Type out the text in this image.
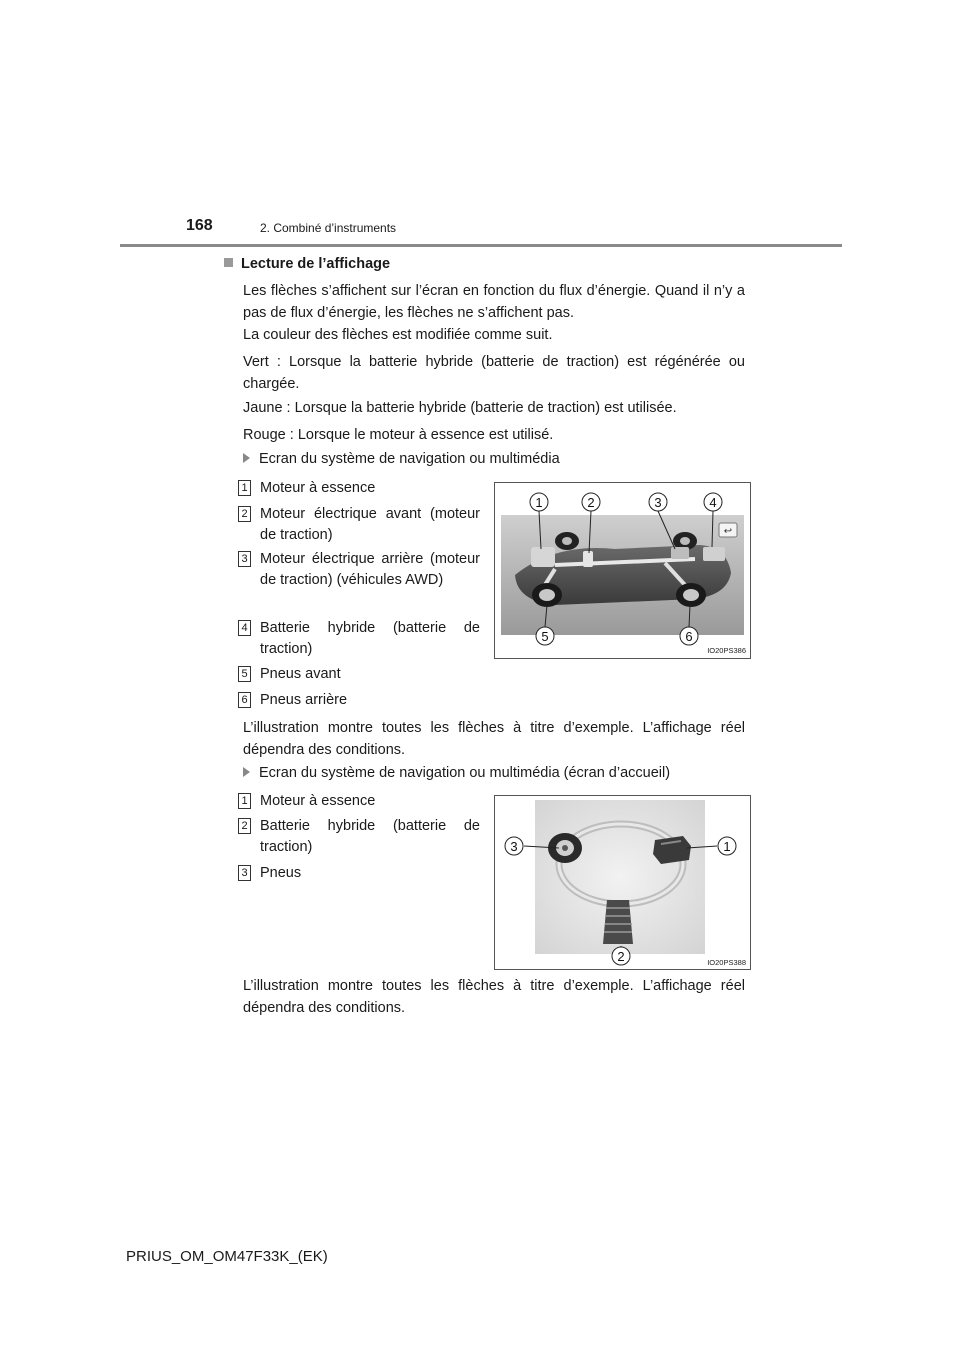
168	2. Combiné d’instruments
Lecture de l’affichage
Les flèches s’affichent sur l’écran en fonction du flux d’énergie. Quand il n’y a pas de flux d’énergie, les flèches ne s’affichent pas.
La couleur des flèches est modifiée comme suit.
Vert : Lorsque la batterie hybride (batterie de traction) est régénérée ou chargée.
Jaune : Lorsque la batterie hybride (batterie de traction) est utilisée.
Rouge : Lorsque le moteur à essence est utilisé.
Ecran du système de navigation ou multimédia
1 Moteur à essence
2 Moteur électrique avant (moteur de traction)
3 Moteur électrique arrière (moteur de traction) (véhicules AWD)
4 Batterie hybride (batterie de traction)
5 Pneus avant
6 Pneus arrière
↩
1	2	3	4
5	6
IO20PS386
L’illustration montre toutes les flèches à titre d’exemple. L’affichage réel dépendra des conditions.
Ecran du système de navigation ou multimédia (écran d’accueil)
1 Moteur à essence
2 Batterie hybride (batterie de traction)
3 Pneus
3	1
2	IO20PS388
L’illustration montre toutes les flèches à titre d’exemple. L’affichage réel dépendra des conditions.
PRIUS_OM_OM47F33K_(EK)
